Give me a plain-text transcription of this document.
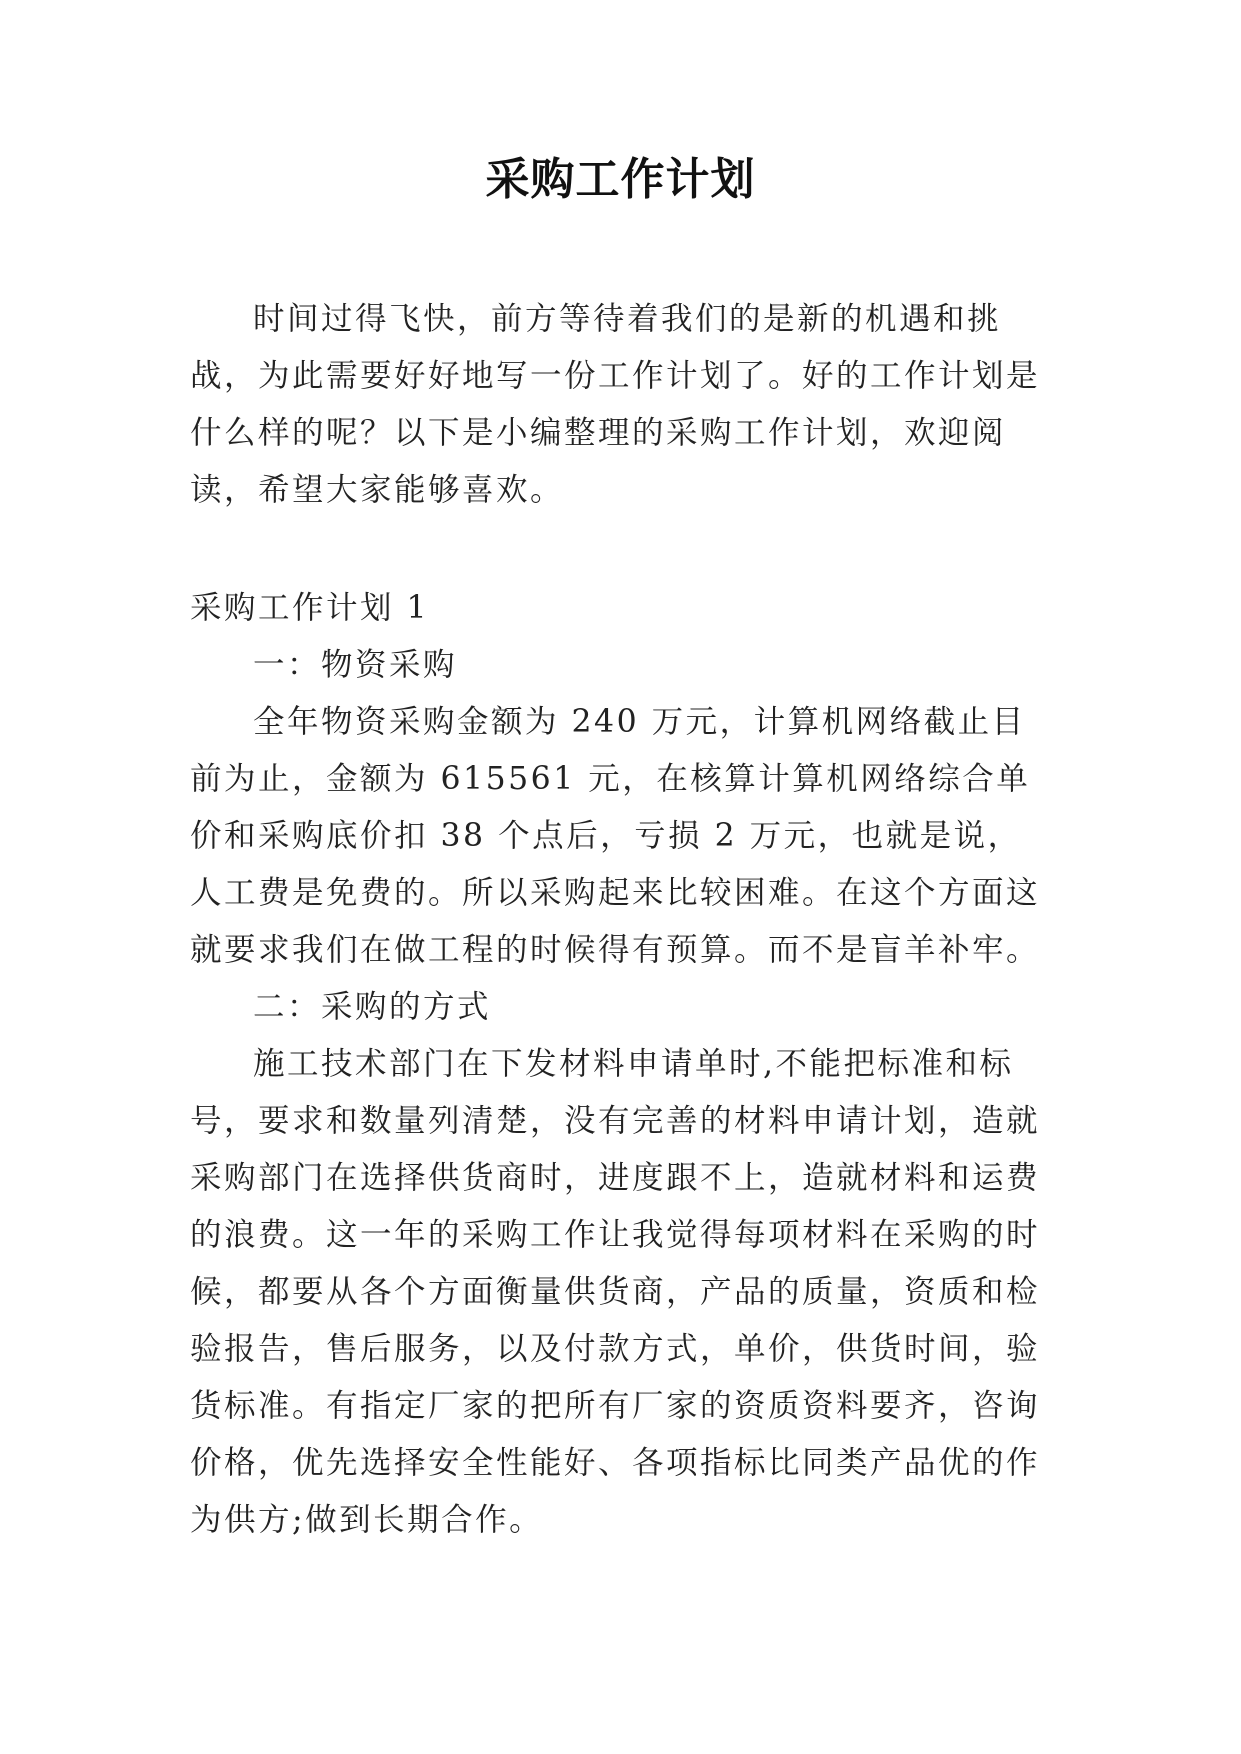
采购工作计划

时间过得飞快，前方等待着我们的是新的机遇和挑战，为此需要好好地写一份工作计划了。好的工作计划是什么样的呢？以下是小编整理的采购工作计划，欢迎阅读，希望大家能够喜欢。

采购工作计划 1

一：物资采购

全年物资采购金额为 240 万元，计算机网络截止目前为止，金额为 615561 元，在核算计算机网络综合单价和采购底价扣 38 个点后，亏损 2 万元，也就是说，人工费是免费的。所以采购起来比较困难。在这个方面这就要求我们在做工程的时候得有预算。而不是盲羊补牢。

二：采购的方式

施工技术部门在下发材料申请单时,不能把标准和标号，要求和数量列清楚，没有完善的材料申请计划，造就采购部门在选择供货商时，进度跟不上，造就材料和运费的浪费。这一年的采购工作让我觉得每项材料在采购的时候，都要从各个方面衡量供货商，产品的质量，资质和检验报告，售后服务，以及付款方式，单价，供货时间，验货标准。有指定厂家的把所有厂家的资质资料要齐，咨询价格，优先选择安全性能好、各项指标比同类产品优的作为供方;做到长期合作。
